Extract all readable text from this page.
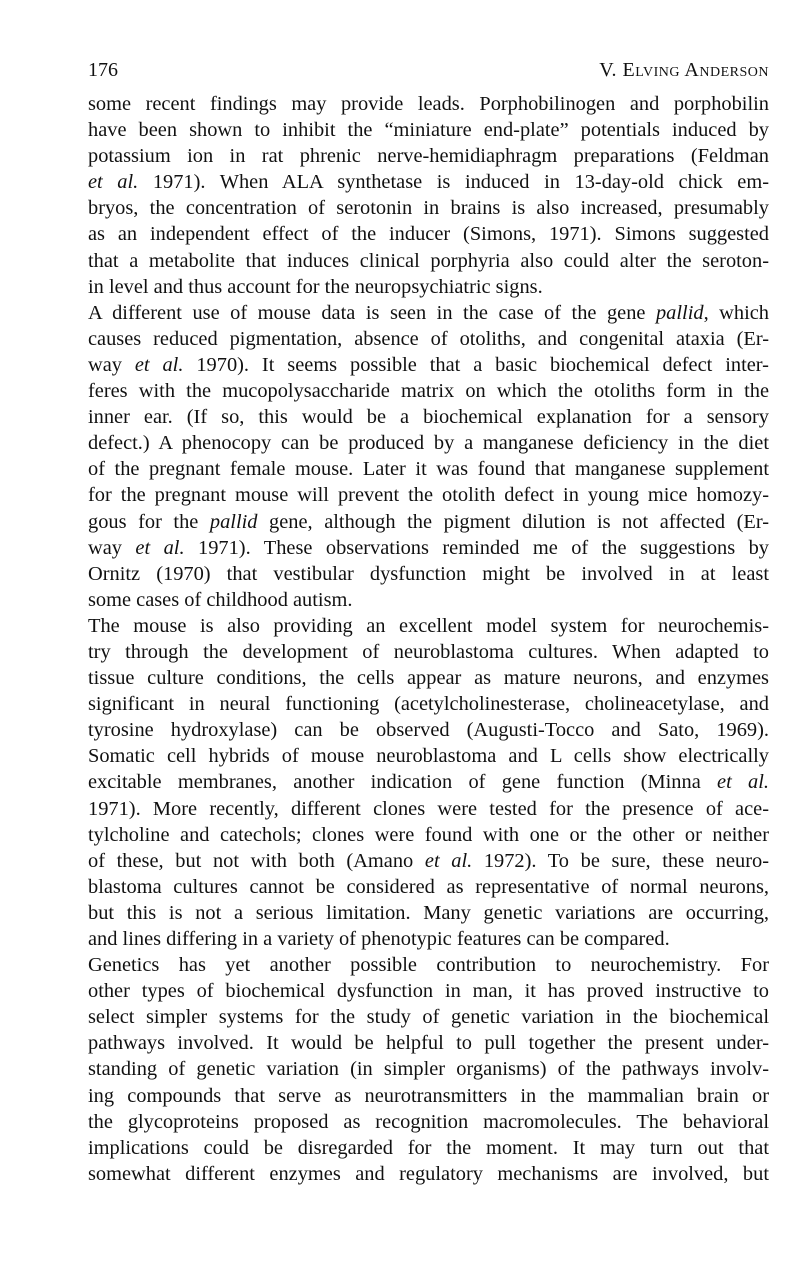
176	V. Elving Anderson
some recent findings may provide leads. Porphobilinogen and porphobilin
have been shown to inhibit the “miniature end-plate” potentials induced by
potassium ion in rat phrenic nerve-hemidiaphragm preparations (Feldman
et al. 1971). When ALA synthetase is induced in 13-day-old chick em-
bryos, the concentration of serotonin in brains is also increased, presumably
as an independent effect of the inducer (Simons, 1971). Simons suggested
that a metabolite that induces clinical porphyria also could alter the seroton-
in level and thus account for the neuropsychiatric signs.
A different use of mouse data is seen in the case of the gene pallid, which
causes reduced pigmentation, absence of otoliths, and congenital ataxia (Er-
way et al. 1970). It seems possible that a basic biochemical defect inter-
feres with the mucopolysaccharide matrix on which the otoliths form in the
inner ear. (If so, this would be a biochemical explanation for a sensory
defect.) A phenocopy can be produced by a manganese deficiency in the diet
of the pregnant female mouse. Later it was found that manganese supplement
for the pregnant mouse will prevent the otolith defect in young mice homozy-
gous for the pallid gene, although the pigment dilution is not affected (Er-
way et al. 1971). These observations reminded me of the suggestions by
Ornitz (1970) that vestibular dysfunction might be involved in at least
some cases of childhood autism.
The mouse is also providing an excellent model system for neurochemis-
try through the development of neuroblastoma cultures. When adapted to
tissue culture conditions, the cells appear as mature neurons, and enzymes
significant in neural functioning (acetylcholinesterase, cholineacetylase, and
tyrosine hydroxylase) can be observed (Augusti-Tocco and Sato, 1969).
Somatic cell hybrids of mouse neuroblastoma and L cells show electrically
excitable membranes, another indication of gene function (Minna et al.
1971). More recently, different clones were tested for the presence of ace-
tylcholine and catechols; clones were found with one or the other or neither
of these, but not with both (Amano et al. 1972). To be sure, these neuro-
blastoma cultures cannot be considered as representative of normal neurons,
but this is not a serious limitation. Many genetic variations are occurring,
and lines differing in a variety of phenotypic features can be compared.
Genetics has yet another possible contribution to neurochemistry. For
other types of biochemical dysfunction in man, it has proved instructive to
select simpler systems for the study of genetic variation in the biochemical
pathways involved. It would be helpful to pull together the present under-
standing of genetic variation (in simpler organisms) of the pathways involv-
ing compounds that serve as neurotransmitters in the mammalian brain or
the glycoproteins proposed as recognition macromolecules. The behavioral
implications could be disregarded for the moment. It may turn out that
somewhat different enzymes and regulatory mechanisms are involved, but
